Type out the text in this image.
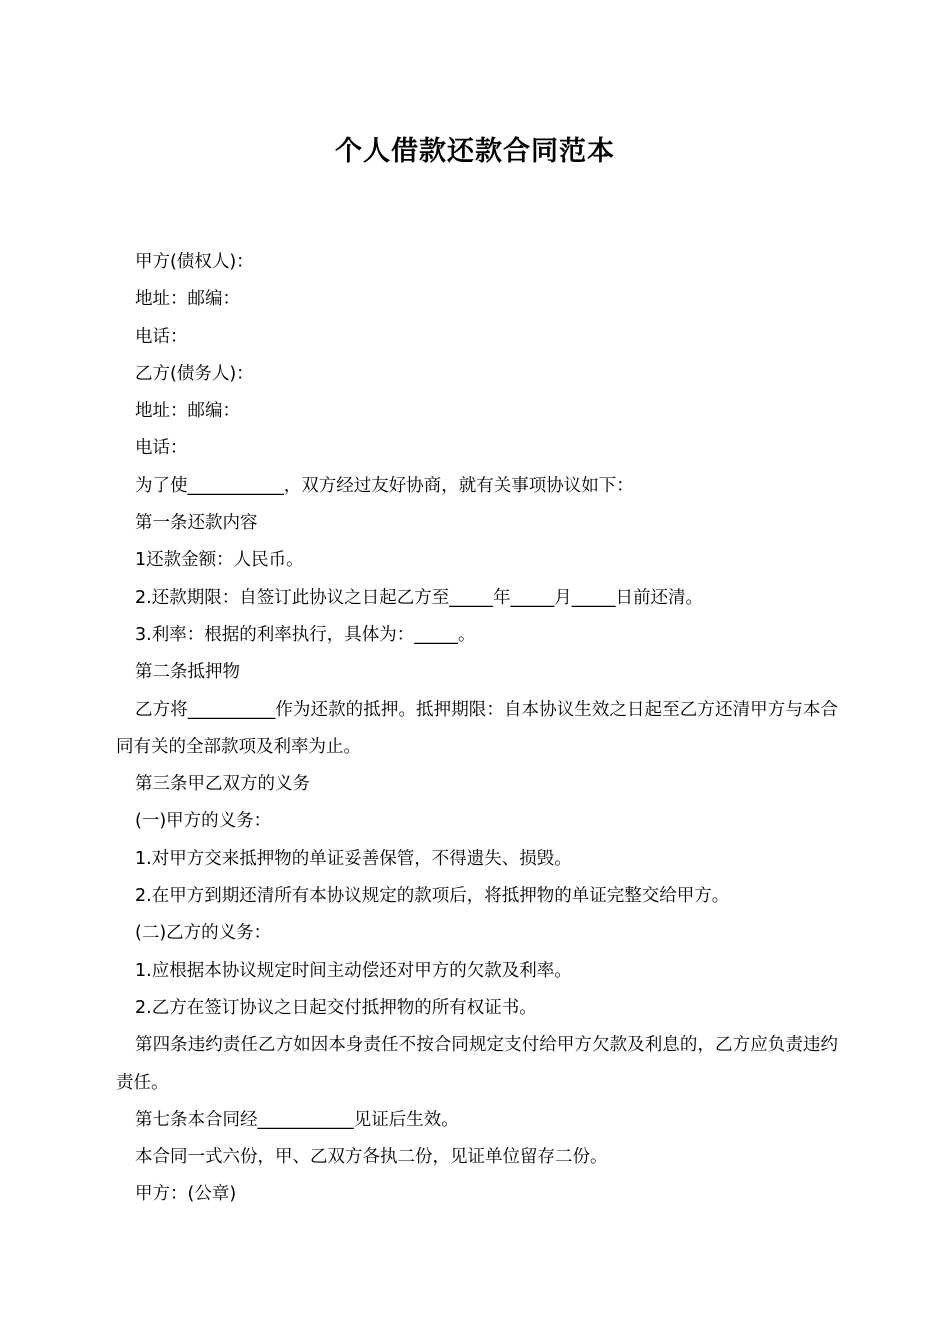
个人借款还款合同范本

甲方(债权人)：

地址：邮编：

电话：

乙方(债务人)：

地址：邮编：

电话：

为了使___________，双方经过友好协商，就有关事项协议如下：

第一条还款内容

1还款金额：人民币。

2.还款期限：自签订此协议之日起乙方至_____年_____月_____日前还清。

3.利率：根据的利率执行，具体为：_____。

第二条抵押物

乙方将__________作为还款的抵押。抵押期限：自本协议生效之日起至乙方还清甲方与本合同有关的全部款项及利率为止。

第三条甲乙双方的义务

(一)甲方的义务：

1.对甲方交来抵押物的单证妥善保管，不得遗失、损毁。

2.在甲方到期还清所有本协议规定的款项后，将抵押物的单证完整交给甲方。

(二)乙方的义务：

1.应根据本协议规定时间主动偿还对甲方的欠款及利率。

2.乙方在签订协议之日起交付抵押物的所有权证书。

第四条违约责任乙方如因本身责任不按合同规定支付给甲方欠款及利息的，乙方应负责违约责任。

第七条本合同经___________见证后生效。

本合同一式六份，甲、乙双方各执二份，见证单位留存二份。

甲方：(公章)
